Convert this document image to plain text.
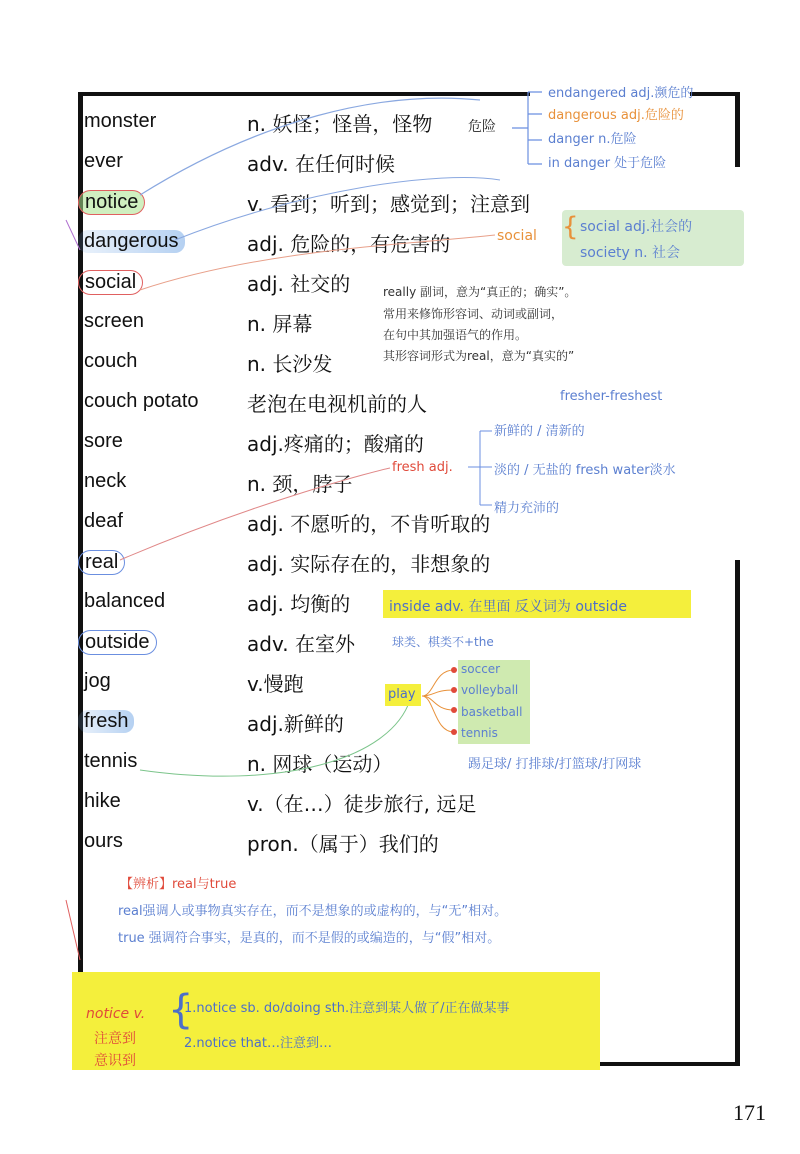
monster	n. 妖怪；怪兽，怪物
ever	adv. 在任何时候
notice	v. 看到；听到；感觉到；注意到
dangerous	adj. 危险的，有危害的
social	adj. 社交的
screen	n. 屏幕
couch	n. 长沙发
couch potato 老泡在电视机前的人
sore	adj.疼痛的；酸痛的
neck	n. 颈，脖子
deaf	adj. 不愿听的，不肯听取的
real	adj. 实际存在的，非想象的
balanced	adj. 均衡的
outside	adv. 在室外
jog	v.慢跑
fresh	adj.新鲜的
tennis	n. 网球（运动）
hike	v.（在…）徒步旅行, 远足
ours	pron.（属于）我们的
危险
endangered adj.濒危的
dangerous adj.危险的
danger n.危险
in danger 处于危险
social { social adj.社会的
society n. 社会
really 副词，意为“真正的；确实”。
常用来修饰形容词、动词或副词，
在句中其加强语气的作用。
其形容词形式为real，意为“真实的”
fresher-freshest
fresh adj.
新鲜的 / 清新的
淡的 / 无盐的 fresh water淡水
精力充沛的
inside adv. 在里面 反义词为 outside
球类、棋类不+the
play
soccer
volleyball
basketball
tennis
踢足球/ 打排球/打篮球/打网球
【辨析】real与true
real强调人或事物真实存在，而不是想象的或虚构的，与“无”相对。
true 强调符合事实，是真的，而不是假的或编造的，与“假”相对。
notice v.
注意到
意识到
{
1.notice sb. do/doing sth.注意到某人做了/正在做某事
2.notice that…注意到…
171
